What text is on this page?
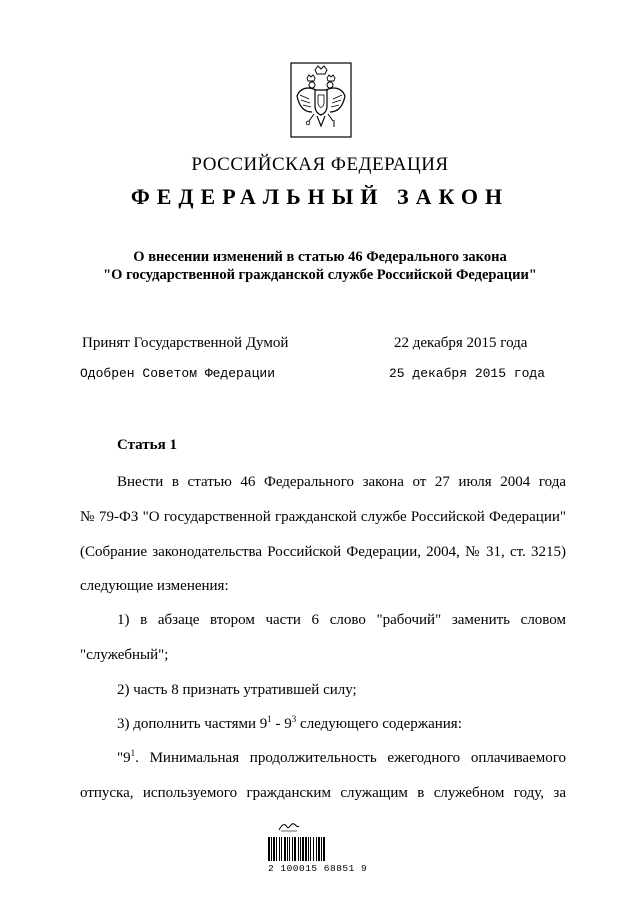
РОССИЙСКАЯ ФЕДЕРАЦИЯ
ФЕДЕРАЛЬНЫЙ ЗАКОН
О внесении изменений в статью 46 Федерального закона
"О государственной гражданской службе Российской Федерации"
Принят Государственной Думой	22 декабря 2015 года
Одобрен Советом Федерации	25 декабря 2015 года
Статья 1
Внести в статью 46 Федерального закона от 27 июля 2004 года
№ 79-ФЗ "О государственной гражданской службе Российской Федерации"
(Собрание законодательства Российской Федерации, 2004, № 31, ст. 3215)
следующие изменения:
1) в абзаце втором части 6 слово "рабочий" заменить словом
"служебный";
2) часть 8 признать утратившей силу;
3) дополнить частями $9^1 - 9^3$ следующего содержания:
"$9^1$. Минимальная продолжительность ежегодного оплачиваемого
отпуска, используемого гражданским служащим в служебном году, за
2 100015 68851 9
